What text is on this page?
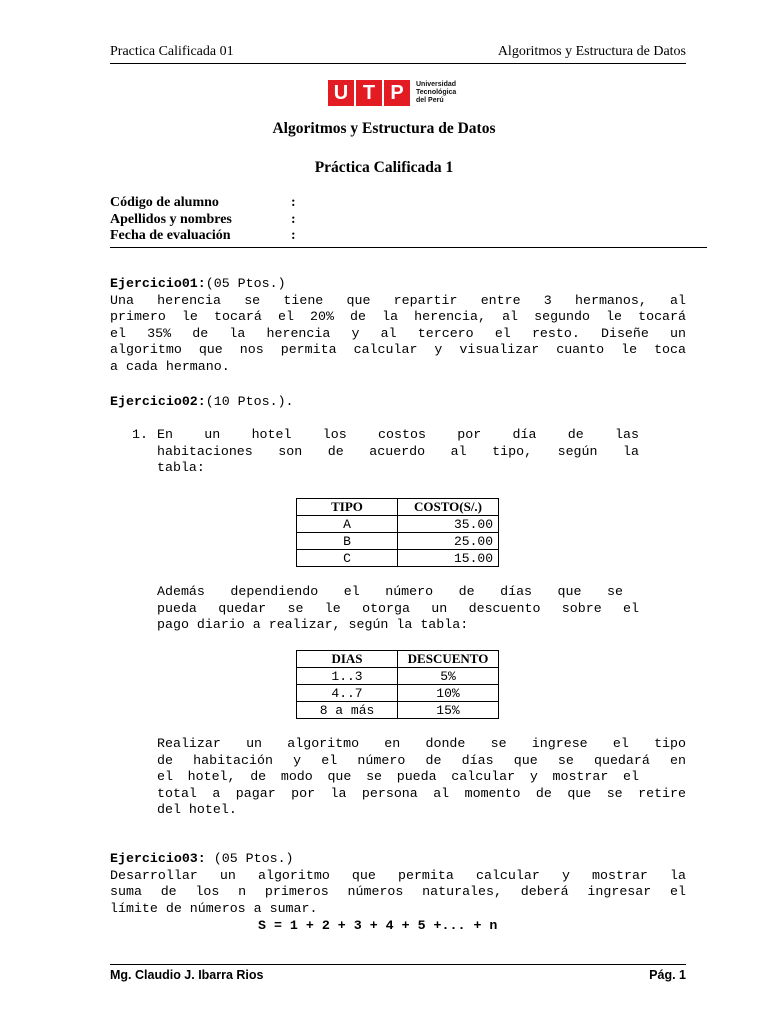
Practica Calificada 01	Algoritmos y Estructura de Datos
U T P	Universidad
Tecnológica
del Perú
Algoritmos y Estructura de Datos
Práctica Calificada 1
Código de alumno	:
Apellidos y nombres	:
Fecha de evaluación	:
Ejercicio01:(05 Ptos.)
Una herencia se tiene que repartir entre 3 hermanos, al
primero le tocará el 20% de la herencia, al segundo le tocará
el 35% de la herencia y al tercero el resto. Diseñe un
algoritmo que nos permita calcular y visualizar cuanto le toca
a cada hermano.
Ejercicio02:(10 Ptos.).
1. En un hotel los costos por día de las
habitaciones son de acuerdo al tipo, según la
tabla:
TIPO	COSTO(S/.)
A	35.00
B	25.00
C	15.00
Además dependiendo el número de días que se
pueda quedar se le otorga un descuento sobre el
pago diario a realizar, según la tabla:
DIAS	DESCUENTO
1..3	5%
4..7	10%
8 a más	15%
Realizar un algoritmo en donde se ingrese el tipo
de habitación y el número de días que se quedará en
el hotel, de modo que se pueda calcular y mostrar el
total a pagar por la persona al momento de que se retire
del hotel.
Ejercicio03: (05 Ptos.)
Desarrollar un algoritmo que permita calcular y mostrar la
suma de los n primeros números naturales, deberá ingresar el
límite de números a sumar.
S = 1 + 2 + 3 + 4 + 5 +... + n
Mg. Claudio J. Ibarra Rios	Pág. 1
